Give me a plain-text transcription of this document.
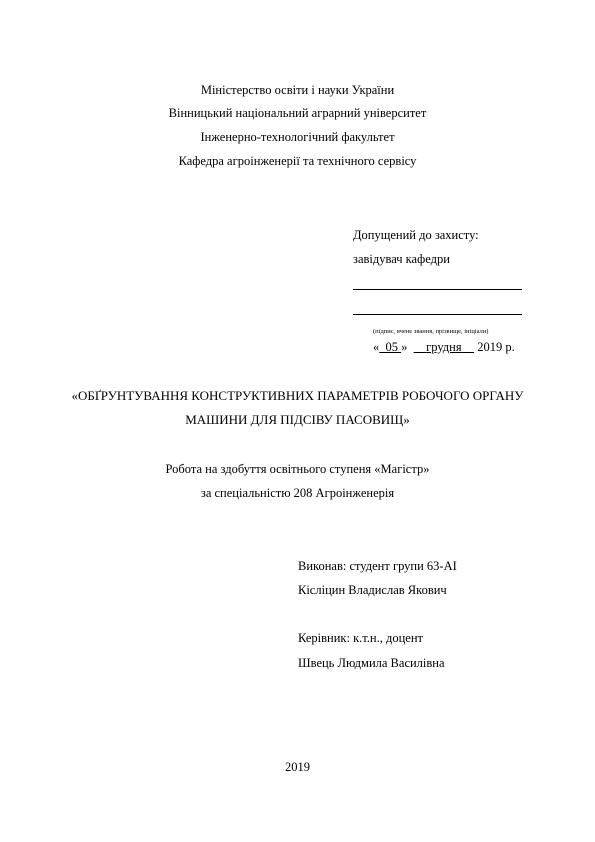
Міністерство освіти і науки України
Вінницький національний аграрний університет
Інженерно-технологічний факультет
Кафедра агроінженерії та технічного сервісу
Допущений до захисту:
завідувач кафедри
(підпис, вчене звання, прізвище, ініціали)
« 05 » грудня 2019 р.
«ОБҐРУНТУВАННЯ КОНСТРУКТИВНИХ ПАРАМЕТРІВ РОБОЧОГО ОРГАНУ
МАШИНИ ДЛЯ ПІДСІВУ ПАСОВИЩ»
Робота на здобуття освітнього ступеня «Магістр»
за спеціальністю 208 Агроінженерія
Виконав: студент групи 63-АІ
Кісліцин Владислав Якович
Керівник: к.т.н., доцент
Швець Людмила Василівна
2019
